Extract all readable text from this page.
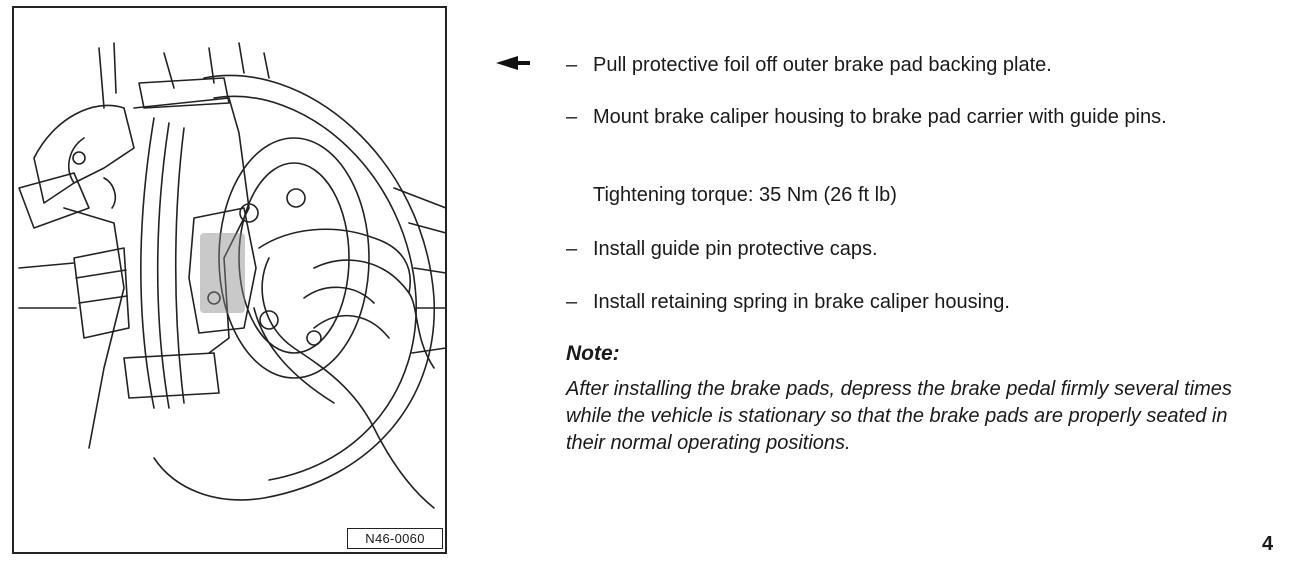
N46-0060
– Pull protective foil off outer brake pad backing plate.
– Mount brake caliper housing to brake pad carrier with guide pins.
Tightening torque: 35 Nm (26 ft lb)
– Install guide pin protective caps.
– Install retaining spring in brake caliper housing.
Note:
After installing the brake pads, depress the brake pedal firmly several times while the vehicle is stationary so that the brake pads are properly seated in their normal operating positions.
4
